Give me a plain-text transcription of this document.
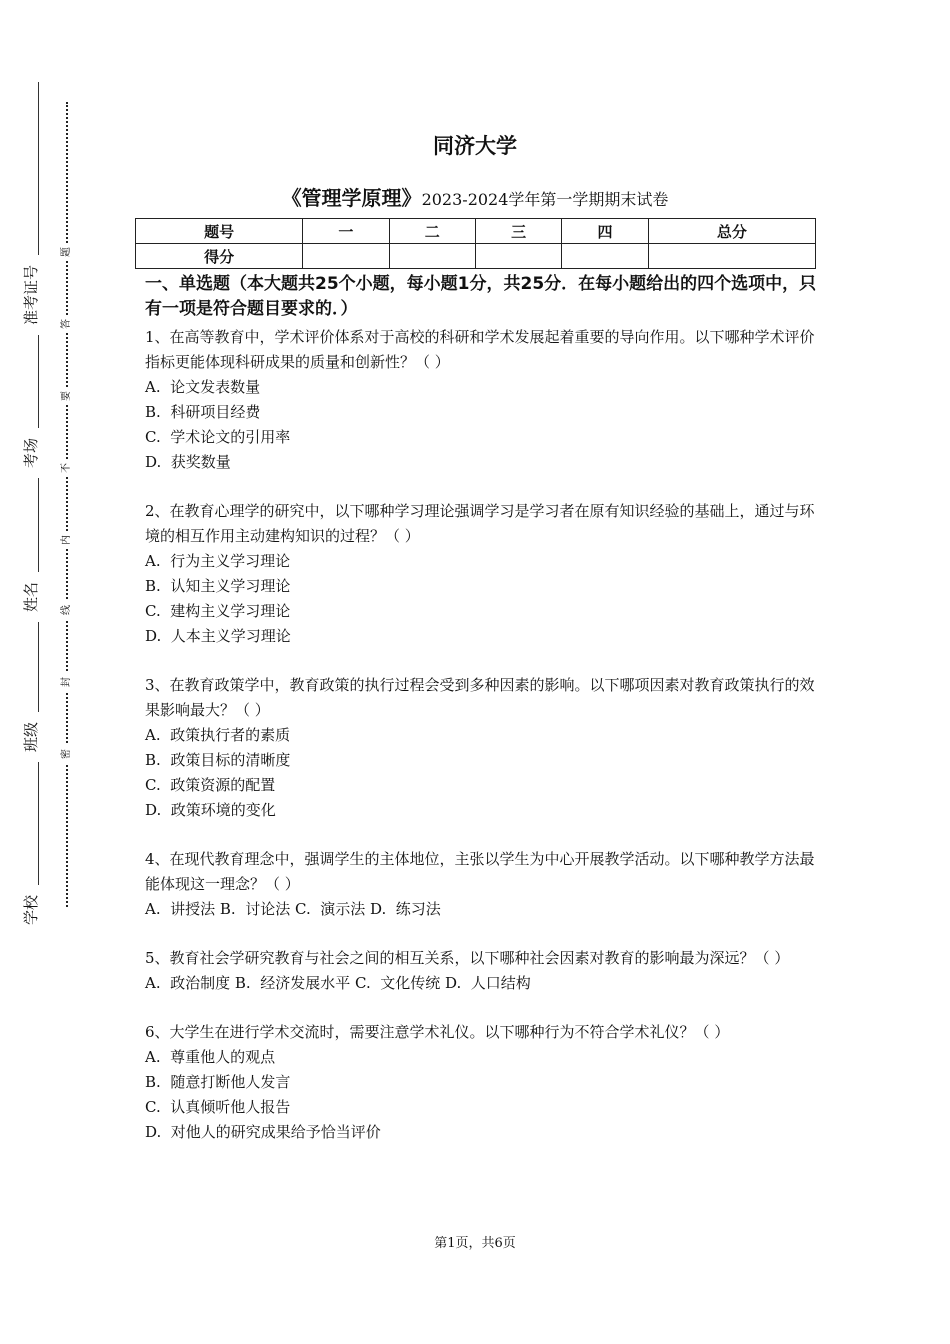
准考证号
考场
姓名
班级
学校
题
答
要
不
内
线
封
密
同济大学
《管理学原理》2023-2024学年第一学期期末试卷
题号	一	二	三	四	总分
得分					

一、单选题（本大题共25个小题，每小题1分，共25分．在每小题给出的四个选项中，只有一项是符合题目要求的．）

1、在高等教育中，学术评价体系对于高校的科研和学术发展起着重要的导向作用。以下哪种学术评价指标更能体现科研成果的质量和创新性？（ ）

A.  论文发表数量

B.  科研项目经费

C.  学术论文的引用率

D.  获奖数量

2、在教育心理学的研究中，以下哪种学习理论强调学习是学习者在原有知识经验的基础上，通过与环境的相互作用主动建构知识的过程？（ ）

A.  行为主义学习理论

B.  认知主义学习理论

C.  建构主义学习理论

D.  人本主义学习理论

3、在教育政策学中，教育政策的执行过程会受到多种因素的影响。以下哪项因素对教育政策执行的效果影响最大？（ ）

A.  政策执行者的素质

B.  政策目标的清晰度

C.  政策资源的配置

D.  政策环境的变化

4、在现代教育理念中，强调学生的主体地位，主张以学生为中心开展教学活动。以下哪种教学方法最能体现这一理念？（ ）

A.  讲授法 B.  讨论法 C.  演示法 D.  练习法

5、教育社会学研究教育与社会之间的相互关系，以下哪种社会因素对教育的影响最为深远？（ ）

A.  政治制度 B.  经济发展水平 C.  文化传统 D.  人口结构

6、大学生在进行学术交流时，需要注意学术礼仪。以下哪种行为不符合学术礼仪？（ ）

A.  尊重他人的观点

B.  随意打断他人发言

C.  认真倾听他人报告

D.  对他人的研究成果给予恰当评价

第1页，共6页
